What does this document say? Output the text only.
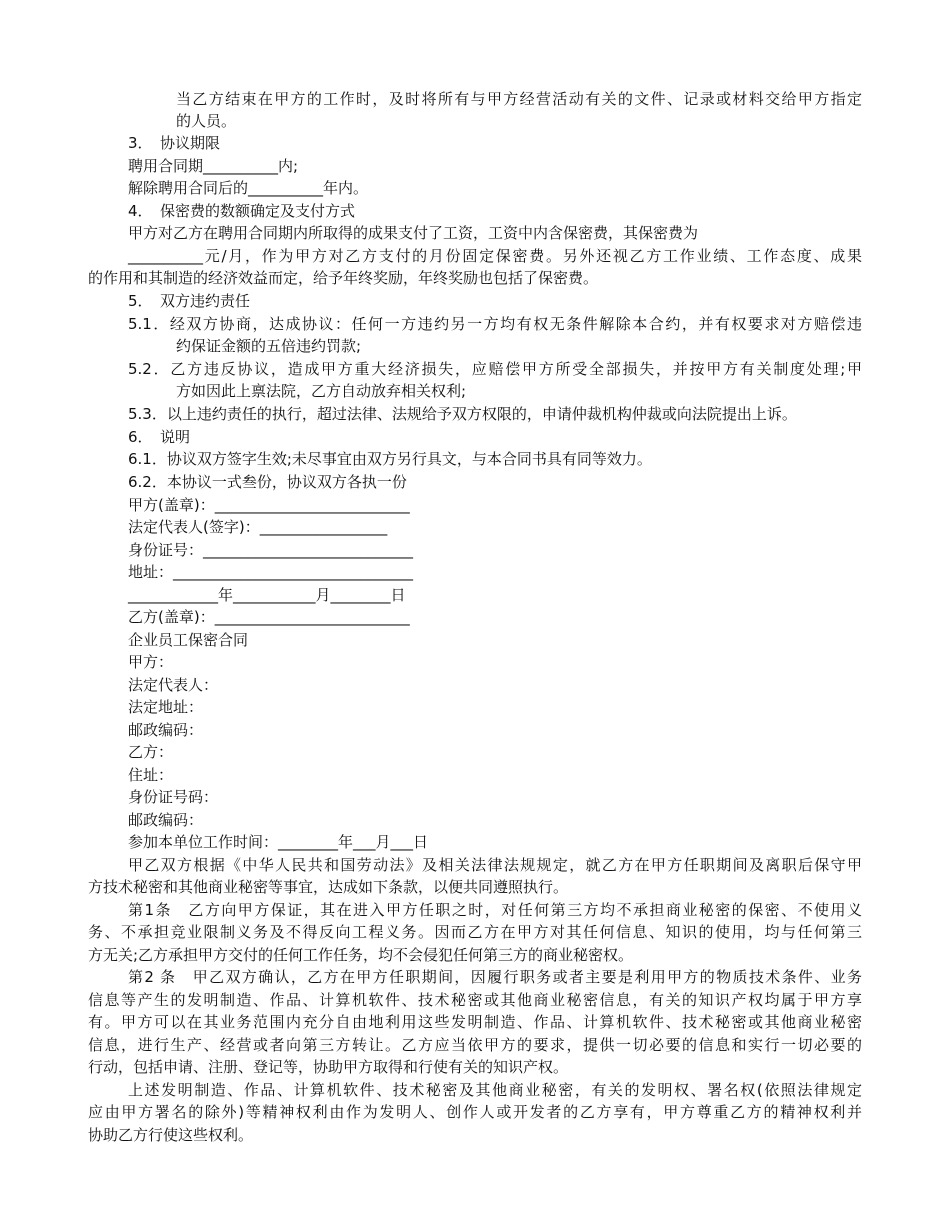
当乙方结束在甲方的工作时，及时将所有与甲方经营活动有关的文件、记录或材料交给甲方指定
的人员。
3．　协议期限
聘用合同期__________内;
解除聘用合同后的__________年内。
4．　保密费的数额确定及支付方式
甲方对乙方在聘用合同期内所取得的成果支付了工资，工资中内含保密费，其保密费为
__________元/月，作为甲方对乙方支付的月份固定保密费。另外还视乙方工作业绩、工作态度、成果
的作用和其制造的经济效益而定，给予年终奖励，年终奖励也包括了保密费。
5．　双方违约责任
5.1．经双方协商，达成协议：任何一方违约另一方均有权无条件解除本合约，并有权要求对方赔偿违
约保证金额的五倍违约罚款;
5.2．乙方违反协议，造成甲方重大经济损失，应赔偿甲方所受全部损失，并按甲方有关制度处理;甲
方如因此上禀法院，乙方自动放弃相关权利;
5.3．以上违约责任的执行，超过法律、法规给予双方权限的，申请仲裁机构仲裁或向法院提出上诉。
6．　说明
6.1．协议双方签字生效;未尽事宜由双方另行具文，与本合同书具有同等效力。
6.2．本协议一式叁份，协议双方各执一份
甲方(盖章)：__________________________
法定代表人(签字)：_________________
身份证号：____________________________
地址：________________________________
____________年___________月________日
乙方(盖章)：__________________________
企业员工保密合同
甲方：
法定代表人：
法定地址：
邮政编码：
乙方：
住址：
身份证号码：
邮政编码：
参加本单位工作时间：________年___月___日
甲乙双方根据《中华人民共和国劳动法》及相关法律法规规定，就乙方在甲方任职期间及离职后保守甲
方技术秘密和其他商业秘密等事宜，达成如下条款，以便共同遵照执行。
第1条　乙方向甲方保证，其在进入甲方任职之时，对任何第三方均不承担商业秘密的保密、不使用义
务、不承担竞业限制义务及不得反向工程义务。因而乙方在甲方对其任何信息、知识的使用，均与任何第三
方无关;乙方承担甲方交付的任何工作任务，均不会侵犯任何第三方的商业秘密权。
第2 条　甲乙双方确认，乙方在甲方任职期间，因履行职务或者主要是利用甲方的物质技术条件、业务
信息等产生的发明制造、作品、计算机软件、技术秘密或其他商业秘密信息，有关的知识产权均属于甲方享
有。甲方可以在其业务范围内充分自由地利用这些发明制造、作品、计算机软件、技术秘密或其他商业秘密
信息，进行生产、经营或者向第三方转让。乙方应当依甲方的要求，提供一切必要的信息和实行一切必要的
行动，包括申请、注册、登记等，协助甲方取得和行使有关的知识产权。
上述发明制造、作品、计算机软件、技术秘密及其他商业秘密，有关的发明权、署名权(依照法律规定
应由甲方署名的除外)等精神权利由作为发明人、创作人或开发者的乙方享有，甲方尊重乙方的精神权利并
协助乙方行使这些权利。
